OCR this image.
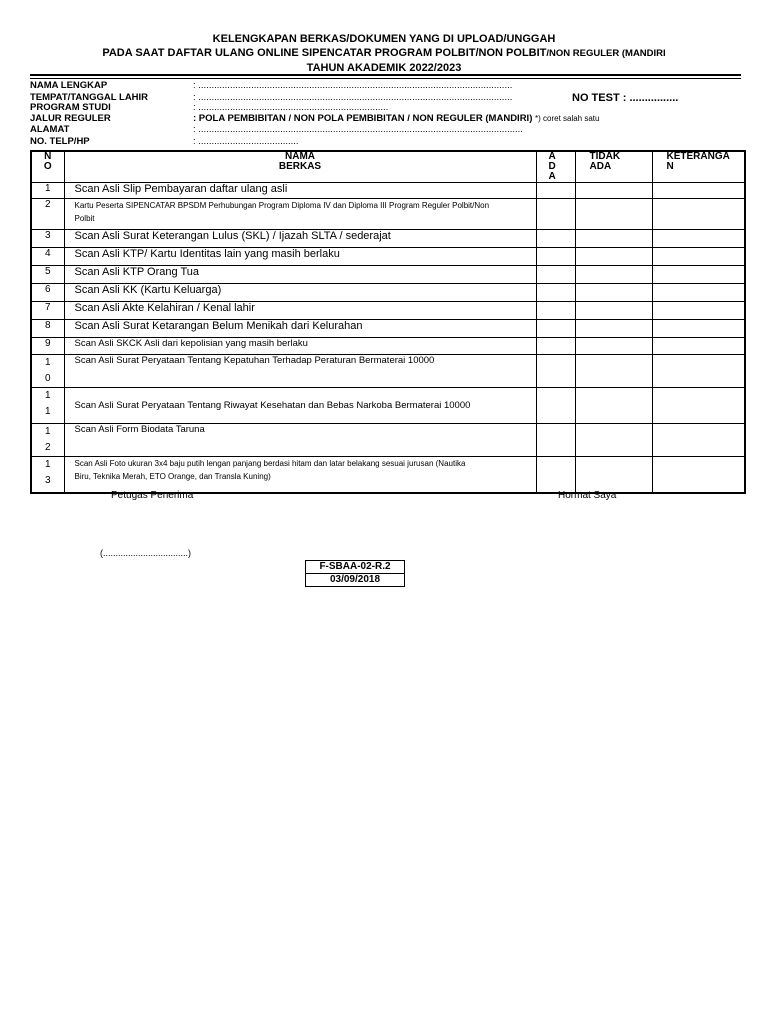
KELENGKAPAN BERKAS/DOKUMEN YANG DI UPLOAD/UNGGAH
PADA SAAT DAFTAR ULANG ONLINE SIPENCATAR PROGRAM POLBIT/NON POLBIT/NON REGULER (MANDIRI
TAHUN AKADEMIK 2022/2023
NAMA LENGKAP	: .......................................................................................................................
TEMPAT/TANGGAL LAHIR	: .......................................................................................................................
PROGRAM STUDI	: ........................................................................
JALUR REGULER	: POLA PEMBIBITAN / NON POLA PEMBIBITAN / NON REGULER (MANDIRI) *) coret salah satu
ALAMAT	: ...........................................................................................................................
NO. TELP/HP	: ......................................
NO TEST : ................
N O	NAMA BERKAS	AD A	TIDAK ADA	KETERANGA N

1	Scan Asli Slip Pembayaran daftar ulang asli			
2	Kartu Peserta SIPENCATAR BPSDM Perhubungan Program Diploma IV dan Diploma III Program Reguler Polbit/Non Polbit			

3	Scan Asli Surat Keterangan Lulus (SKL) / Ijazah SLTA / sederajat			
4	Scan Asli KTP/ Kartu Identitas lain yang masih berlaku			
5	Scan Asli KTP Orang Tua			
6	Scan Asli KK (Kartu Keluarga)			
7	Scan Asli Akte Kelahiran / Kenal lahir			
8	Scan Asli Surat Ketarangan Belum Menikah dari Kelurahan			
9	Scan Asli SKCK Asli dari kepolisian yang masih berlaku			

10	Scan Asli Surat Peryataan Tentang Kepatuhan Terhadap Peraturan Bermaterai 10000			

11	Scan Asli Surat Peryataan Tentang Riwayat Kesehatan dan Bebas Narkoba Bermaterai 10000			

12	Scan Asli Form Biodata Taruna			

13	Scan Asli Foto ukuran 3x4 baju putih lengan panjang berdasi hitam dan latar belakang sesuai jurusan (Nautika Biru, Teknika Merah, ETO Orange, dan Transla Kuning)			

Petugas Penerima	Hormat Saya
(..................................)
F-SBAA-02-R.2
03/09/2018
